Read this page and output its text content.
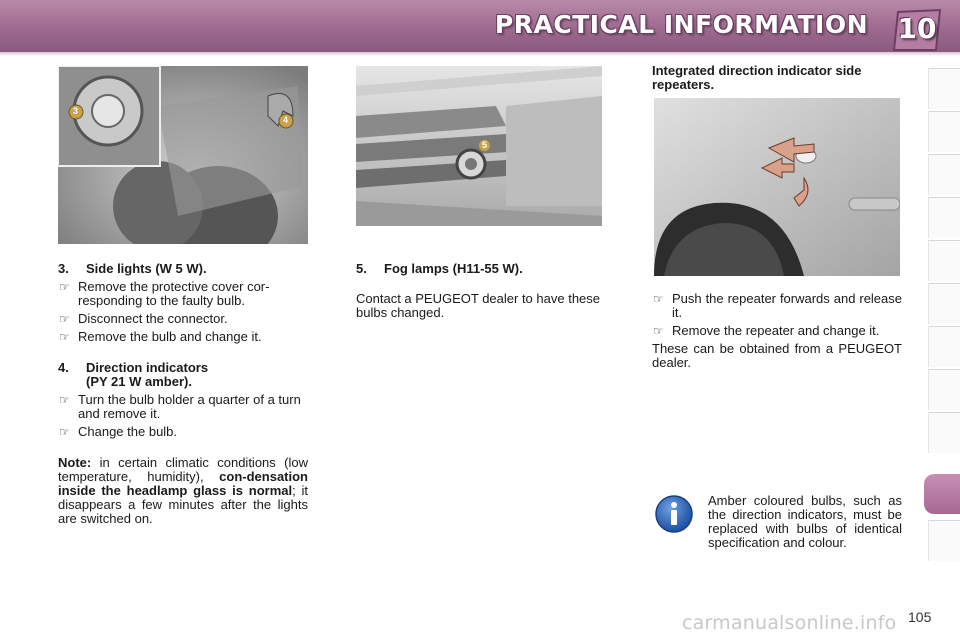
PRACTICAL INFORMATION 10

3. Side lights (W 5 W).

☞ Remove the protective cover cor-responding to the faulty bulb.
☞ Disconnect the connector.
☞ Remove the bulb and change it.

4. Direction indicators
(PY 21 W amber).

☞ Turn the bulb holder a quarter of a turn and remove it.
☞ Change the bulb.

Note: in certain climatic conditions (low temperature, humidity), con-densation inside the headlamp glass is normal; it disappears a few minutes after the lights are switched on.

3
4
5

5. Fog lamps (H11-55 W).

Contact a PEUGEOT dealer to have these bulbs changed.

Integrated direction indicator side repeaters.

☞ Push the repeater forwards and release it.
☞ Remove the repeater and change it.

These can be obtained from a PEUGEOT dealer.

Amber coloured bulbs, such as the direction indicators, must be replaced with bulbs of identical specification and colour.

carmanualsonline.info 105
